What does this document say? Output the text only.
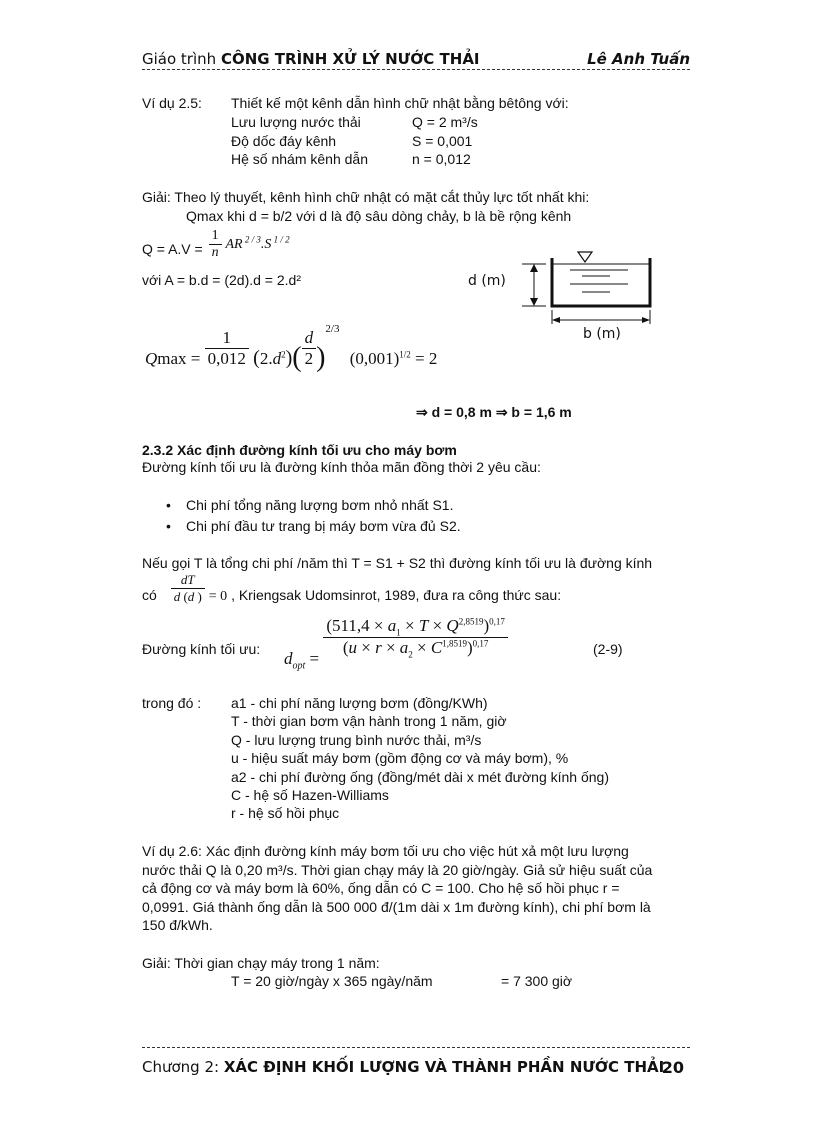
Giáo trình CÔNG TRÌNH XỬ LÝ NƯỚC THẢI	Lê Anh Tuấn
Ví dụ 2.5: Thiết kế một kênh dẫn hình chữ nhật bằng bêtông với:
Lưu lượng nước thải	Q = 2 m³/s
Độ dốc đáy kênh	S = 0,001
Hệ số nhám kênh dẫn	n = 0,012
Giải: Theo lý thuyết, kênh hình chữ nhật có mặt cắt thủy lực tốt nhất khi:
Qmax khi d = b/2 với d là độ sâu dòng chảy, b là bề rộng kênh
$Q = A.V = \frac{1}{n}$ AR $^{2 / 3}$.S $^{1 / 2}$
với A = b.d = (2d).d = 2.d²	d (m)
b (m)
$Qmax = \frac{1}{0,012} (2.d^2)( \frac{d}{2} )^{2/3}$ $(0,001)^{1/2} = 2$
⇒ d = 0,8 m ⇒ b = 1,6 m
2.3.2 Xác định đường kính tối ưu cho máy bơm
Đường kính tối ưu là đường kính thỏa mãn đồng thời 2 yêu cầu:
• Chi phí tổng năng lượng bơm nhỏ nhất S1.
• Chi phí đầu tư trang bị máy bơm vừa đủ S2.
Nếu gọi T là tổng chi phí /năm thì T = S1 + S2 thì đường kính tối ưu là đường kính
có $\frac{dT}{d (d )} = 0$ , Kriengsak Udomsinrot, 1989, đưa ra công thức sau:
Đường kính tối ưu: $d_{opt} = \frac{(511,4 \times a_1 \times T \times Q^{2,8519})^{0,17}}{(u \times r \times a_2 \times C^{1,8519})^{0,17}}$	(2-9)
trong đó : a1 - chi phí năng lượng bơm (đồng/KWh)
T - thời gian bơm vận hành trong 1 năm, giờ
Q - lưu lượng trung bình nước thải, m³/s
u - hiệu suất máy bơm (gồm động cơ và máy bơm), %
a2 - chi phí đường ống (đồng/mét dài x mét đường kính ống)
C - hệ số Hazen-Williams
r - hệ số hồi phục
Ví dụ 2.6: Xác định đường kính máy bơm tối ưu cho việc hút xả một lưu lượng
nước thải Q là 0,20 m³/s. Thời gian chạy máy là 20 giờ/ngày. Giả sử hiệu suất của
cả động cơ và máy bơm là 60%, ống dẫn có C = 100. Cho hệ số hồi phục r =
0,0991. Giá thành ống dẫn là 500 000 đ/(1m dài x 1m đường kính), chi phí bơm là
150 đ/kWh.
Giải: Thời gian chạy máy trong 1 năm:
T = 20 giờ/ngày x 365 ngày/năm	= 7 300 giờ
Chương 2: XÁC ĐỊNH KHỐI LƯỢNG VÀ THÀNH PHẦN NƯỚC THẢI
20
